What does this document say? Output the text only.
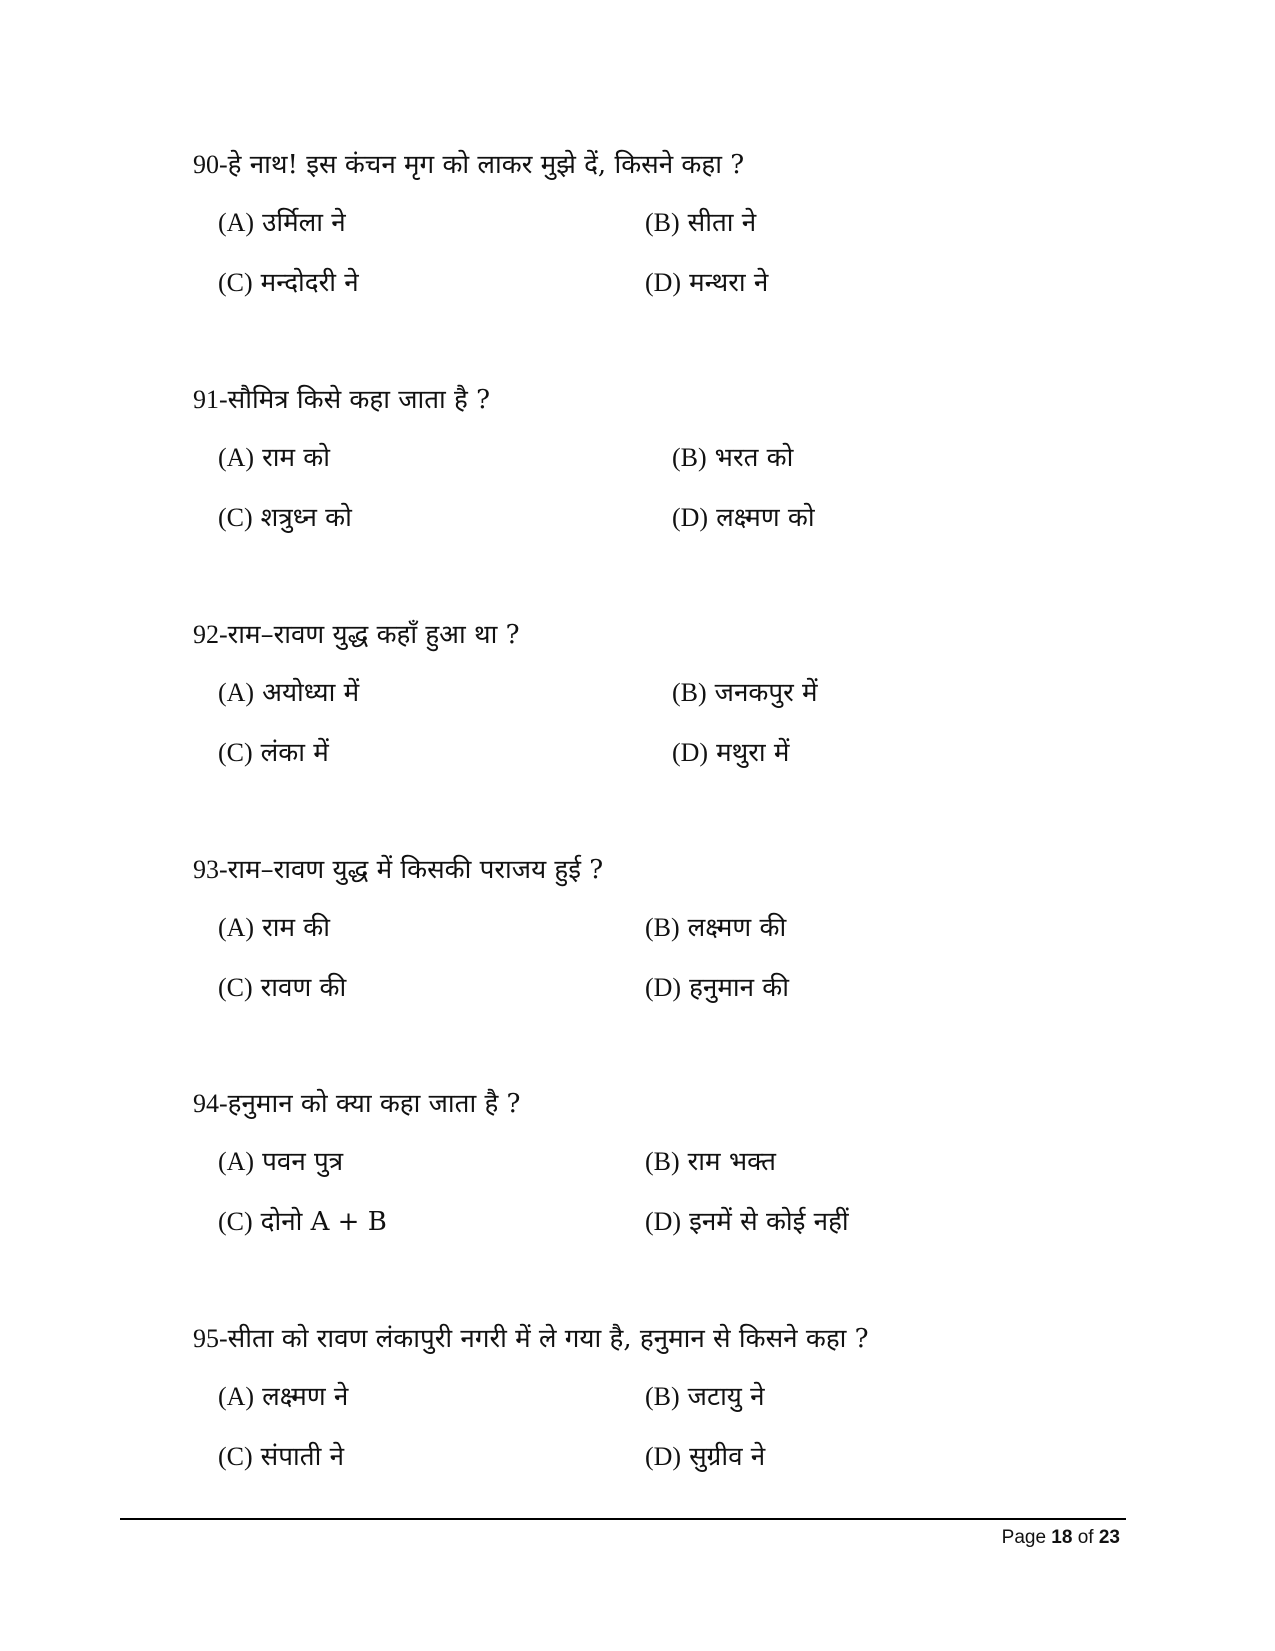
90-हे नाथ! इस कंचन मृग को लाकर मुझे दें, किसने कहा ?
(A) उर्मिला ने	(B) सीता ने
(C) मन्दोदरी ने	(D) मन्थरा ने
91-सौमित्र किसे कहा जाता है ?
(A) राम को	(B) भरत को
(C) शत्रुध्न को	(D) लक्ष्मण को
92-राम–रावण युद्ध कहाँ हुआ था ?
(A) अयोध्या में	(B) जनकपुर में
(C) लंका में	(D) मथुरा में
93-राम–रावण युद्ध में किसकी पराजय हुई ?
(A) राम की	(B) लक्ष्मण की
(C) रावण की	(D) हनुमान की
94-हनुमान को क्या कहा जाता है ?
(A) पवन पुत्र	(B) राम भक्त
(C) दोनो A + B	(D) इनमें से कोई नहीं
95-सीता को रावण लंकापुरी नगरी में ले गया है, हनुमान से किसने कहा ?
(A) लक्ष्मण ने	(B) जटायु ने
(C) संपाती ने	(D) सुग्रीव ने
Page 18 of 23
